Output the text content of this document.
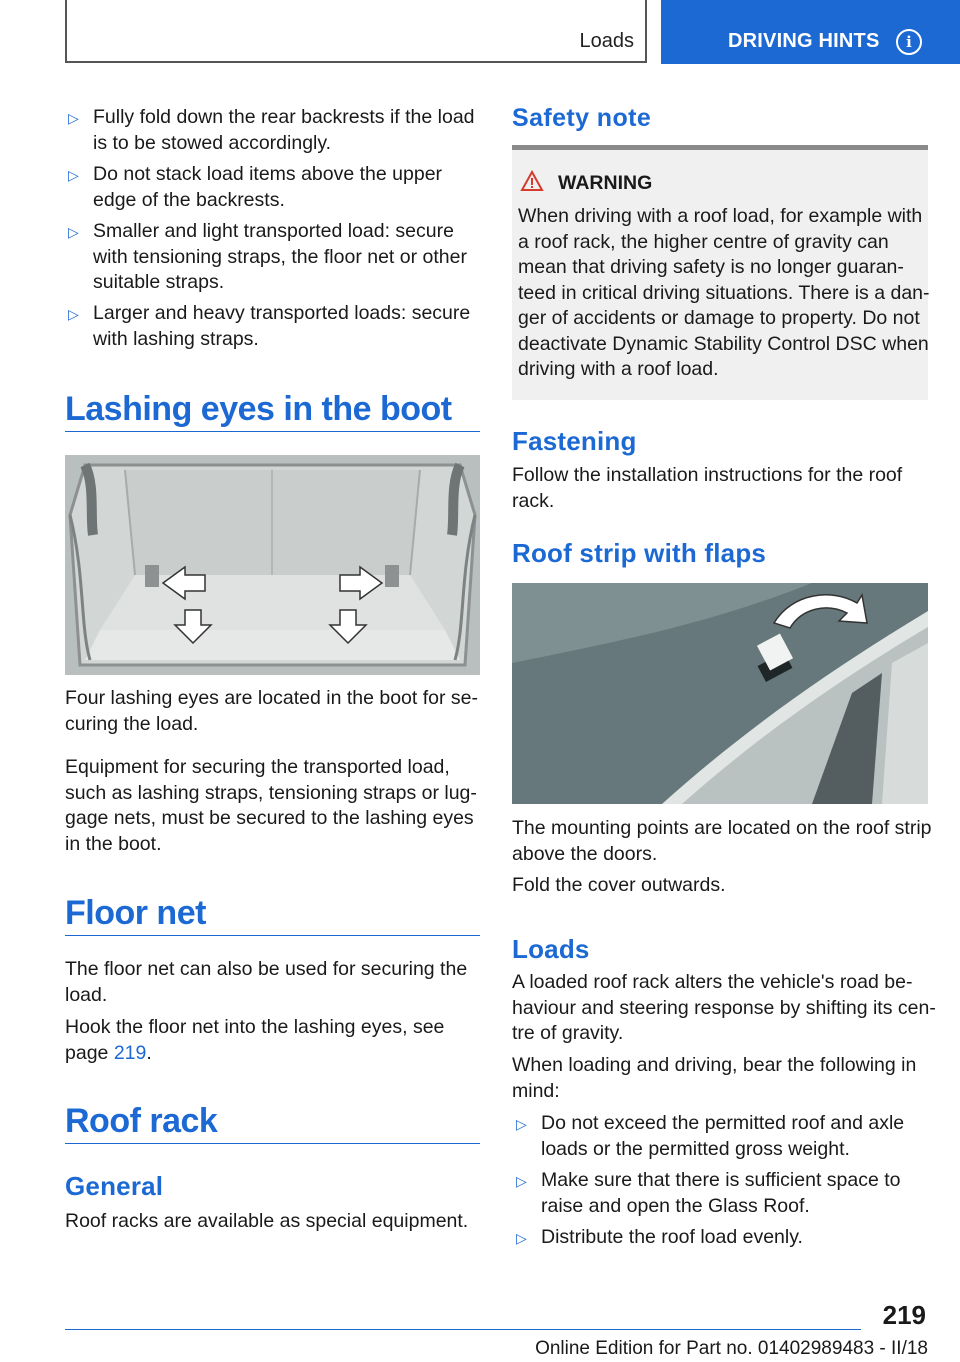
Loads	DRIVING HINTS	i
▷ Fully fold down the rear backrests if the load
is to be stowed accordingly.
▷ Do not stack load items above the upper
edge of the backrests.
▷ Smaller and light transported load: secure
with tensioning straps, the floor net or other
suitable straps.
▷ Larger and heavy transported loads: secure
with lashing straps.
Lashing eyes in the boot
Four lashing eyes are located in the boot for se-
curing the load.
Equipment for securing the transported load,
such as lashing straps, tensioning straps or lug-
gage nets, must be secured to the lashing eyes
in the boot.
Floor net
The floor net can also be used for securing the
load.
Hook the floor net into the lashing eyes, see
page 219.
Roof rack
General
Roof racks are available as special equipment.
Safety note
WARNING
When driving with a roof load, for example with
a roof rack, the higher centre of gravity can
mean that driving safety is no longer guaran-
teed in critical driving situations. There is a dan-
ger of accidents or damage to property. Do not
deactivate Dynamic Stability Control DSC when
driving with a roof load.
Fastening
Follow the installation instructions for the roof
rack.
Roof strip with flaps
The mounting points are located on the roof strip
above the doors.
Fold the cover outwards.
Loads
A loaded roof rack alters the vehicle's road be-
haviour and steering response by shifting its cen-
tre of gravity.
When loading and driving, bear the following in
mind:
▷ Do not exceed the permitted roof and axle
loads or the permitted gross weight.
▷ Make sure that there is sufficient space to
raise and open the Glass Roof.
▷ Distribute the roof load evenly.
219
Online Edition for Part no. 01402989483 - II/18
